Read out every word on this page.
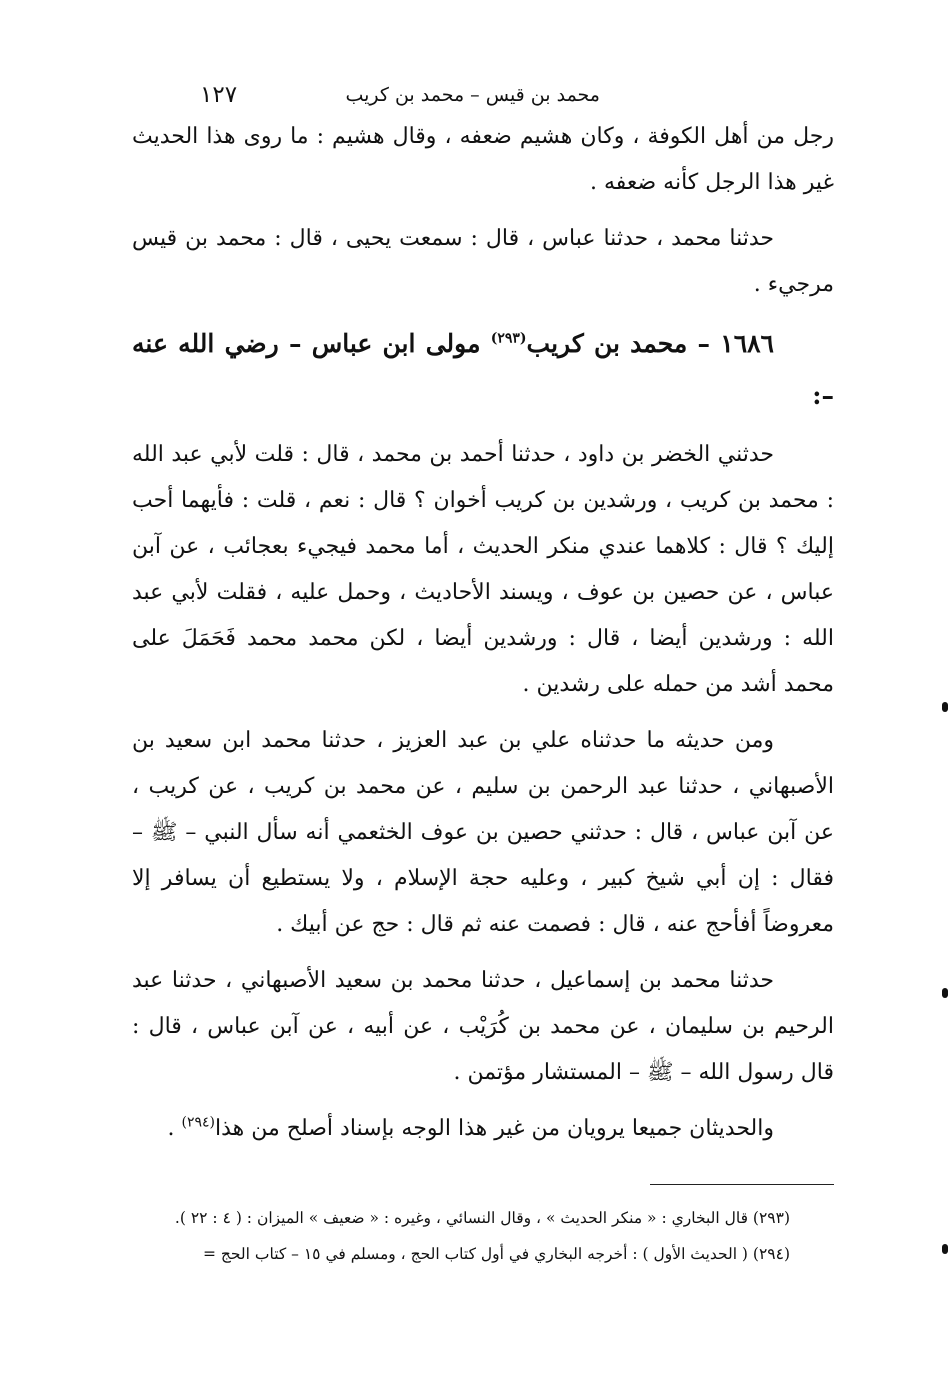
محمد بن قيس – محمد بن كريب
١٢٧

رجل من أهل الكوفة ، وكان هشيم ضعفه ، وقال هشيم : ما روى هذا الحديث غير هذا الرجل كأنه ضعفه .

حدثنا محمد ، حدثنا عباس ، قال : سمعت يحيى ، قال : محمد بن قيس مرجيء .

١٦٨٦ – محمد بن كريب$^{(٢٩٣)}$ مولى ابن عباس – رضي الله عنه –:

حدثني الخضر بن داود ، حدثنا أحمد بن محمد ، قال : قلت لأبي عبد الله : محمد بن كريب ، ورشدين بن كريب أخوان ؟ قال : نعم ، قلت : فأيهما أحب إليك ؟ قال : كلاهما عندي منكر الحديث ، أما محمد فيجيء بعجائب ، عن آبن عباس ، عن حصين بن عوف ، ويسند الأحاديث ، وحمل عليه ، فقلت لأبي عبد الله : ورشدين أيضا ، قال : ورشدين أيضا ، لكن محمد محمد فَحَمَلَ على محمد أشد من حمله على رشدين .

ومن حديثه ما حدثناه علي بن عبد العزيز ، حدثنا محمد ابن سعيد بن الأصبهاني ، حدثنا عبد الرحمن بن سليم ، عن محمد بن كريب ، عن كريب ، عن آبن عباس ، قال : حدثني حصين بن عوف الخثعمي أنه سأل النبي – ﷺ – فقال : إن أبي شيخ كبير ، وعليه حجة الإسلام ، ولا يستطيع أن يسافر إلا معروضاً أفأحج عنه ، قال : فصمت عنه ثم قال : حج عن أبيك .

حدثنا محمد بن إسماعيل ، حدثنا محمد بن سعيد الأصبهاني ، حدثنا عبد الرحيم بن سليمان ، عن محمد بن كُرَيْب ، عن أبيه ، عن آبن عباس ، قال : قال رسول الله – ﷺ – المستشار مؤتمن .

والحديثان جميعا يرويان من غير هذا الوجه بإسناد أصلح من هذا$^{(٢٩٤)}$ .

(٢٩٣) قال البخاري : « منكر الحديث » ، وقال النسائي ، وغيره : « ضعيف » الميزان : ( ٤ : ٢٢ ).
(٢٩٤) ( الحديث الأول ) : أخرجه البخاري في أول كتاب الحج ، ومسلم في ١٥ – كتاب الحج =
